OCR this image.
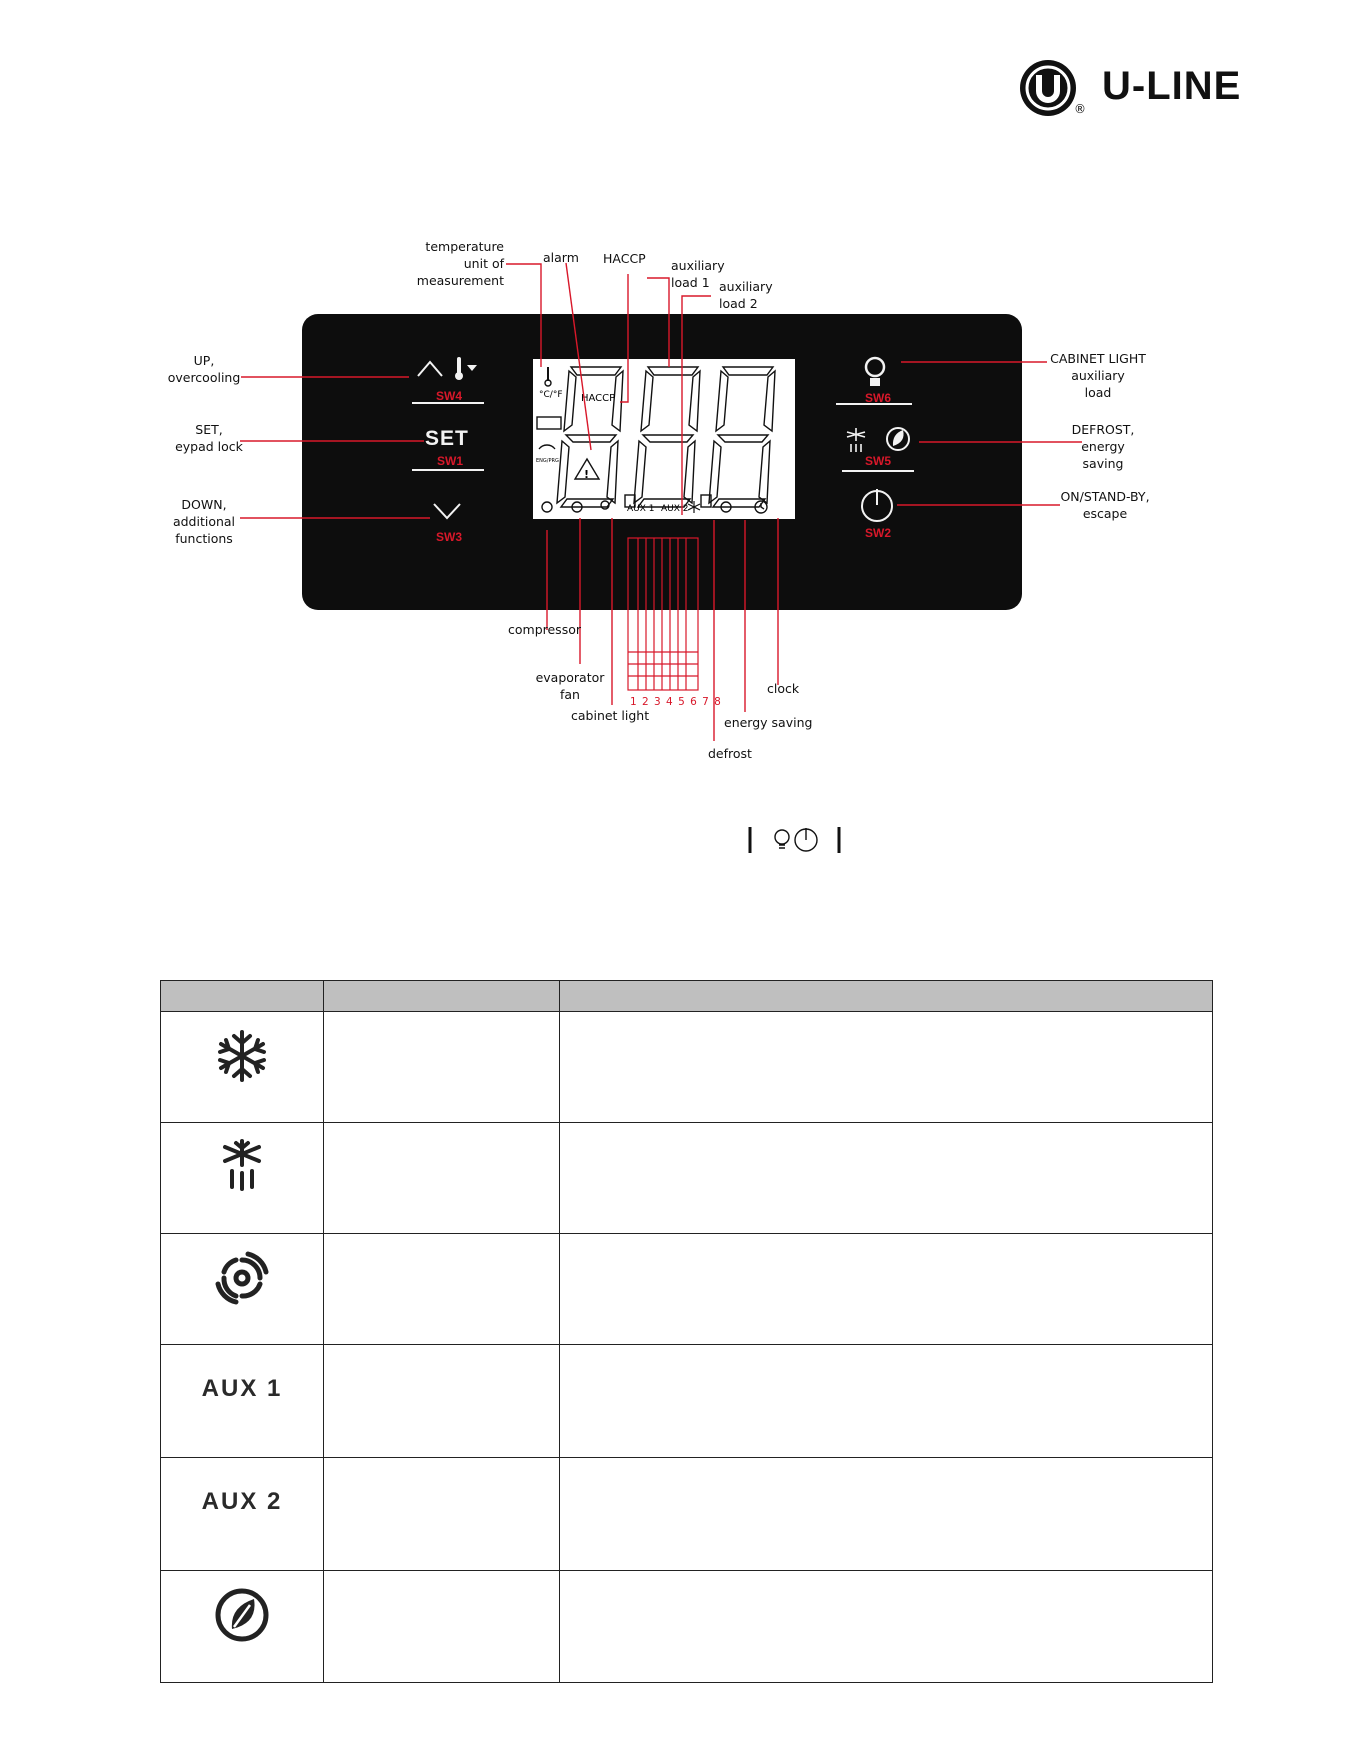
®
U-LINE
°C/°F HACCP
ENG/PRG
!
AUX 1 AUX 2
SET
SW4
SW1
SW3
SW6
SW5
SW2
1 2 3 4 5 6 7 8
temperature
unit of
measurement
alarm HACCP auxiliary
load 1 auxiliary
load 2
UP,
overcooling
SET,
eypad lock
DOWN,
additional
functions
CABINET LIGHT
auxiliary
load
DEFROST,
energy
saving
ON/STAND-BY,
escape
compressor
evaporator
fan
cabinet light
defrost
energy saving
clock

AUX 1		

AUX 2		
